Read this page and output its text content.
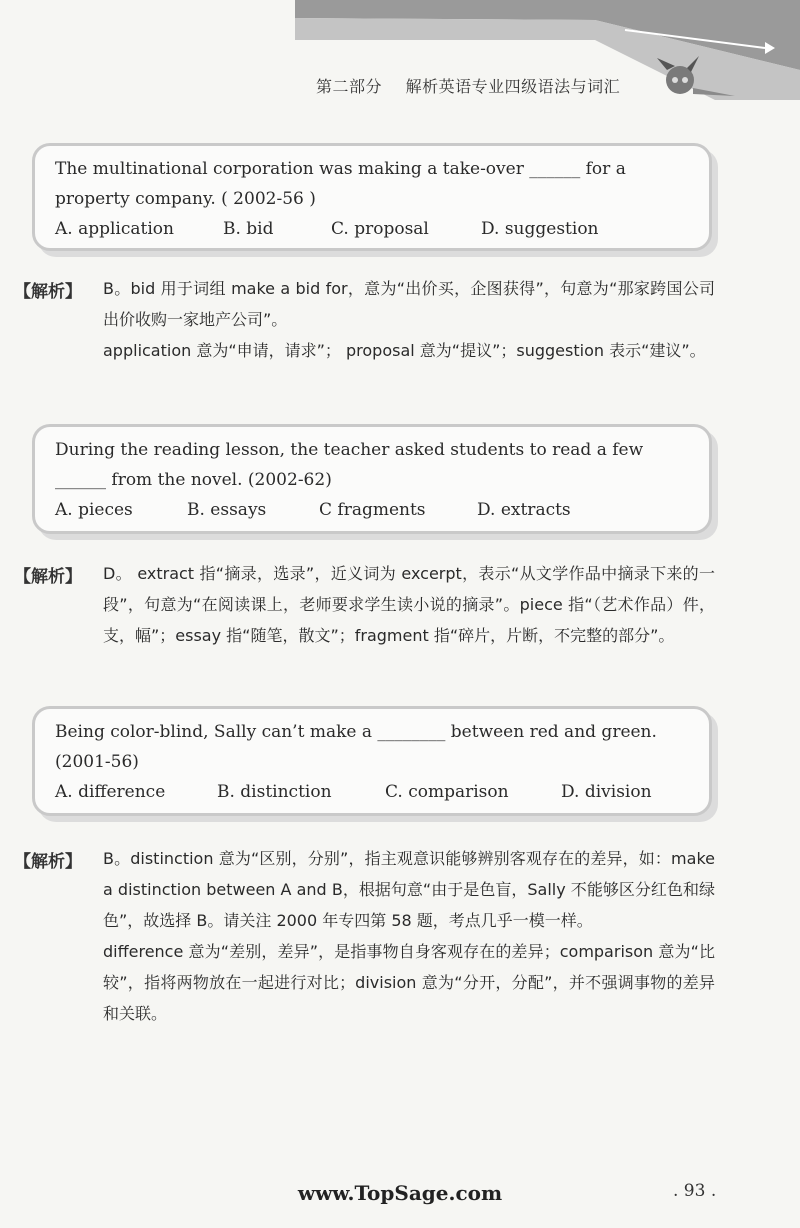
第二部分 解析英语专业四级语法与词汇

The multinational corporation was making a take-over ______ for a property company. ( 2002-56 )

A. application	B. bid	C. proposal	D. suggestion
【解析】 B。bid 用于词组 make a bid for，意为“出价买，企图获得”，句意为“那家跨国公司出价收购一家地产公司”。

application 意为“申请，请求”； proposal 意为“提议”；suggestion 表示“建议”。

During the reading lesson, the teacher asked students to read a few ______ from the novel. (2002-62)

A. pieces	B. essays	C fragments	D. extracts
【解析】 D。 extract 指“摘录，选录”，近义词为 excerpt，表示“从文学作品中摘录下来的一段”，句意为“在阅读课上，老师要求学生读小说的摘录”。piece 指“（艺术作品）件，支，幅”；essay 指“随笔，散文”；fragment 指“碎片，片断，不完整的部分”。

Being color-blind, Sally can’t make a ________ between red and green. (2001-56)

A. difference	B. distinction	C. comparison	D. division
【解析】 B。distinction 意为“区别，分别”，指主观意识能够辨别客观存在的差异，如：make a distinction between A and B，根据句意“由于是色盲，Sally 不能够区分红色和绿色”，故选择 B。请关注 2000 年专四第 58 题，考点几乎一模一样。

difference 意为“差别，差异”，是指事物自身客观存在的差异；comparison 意为“比较”，指将两物放在一起进行对比；division 意为“分开，分配”，并不强调事物的差异和关联。

www.TopSage.com	. 93 .
